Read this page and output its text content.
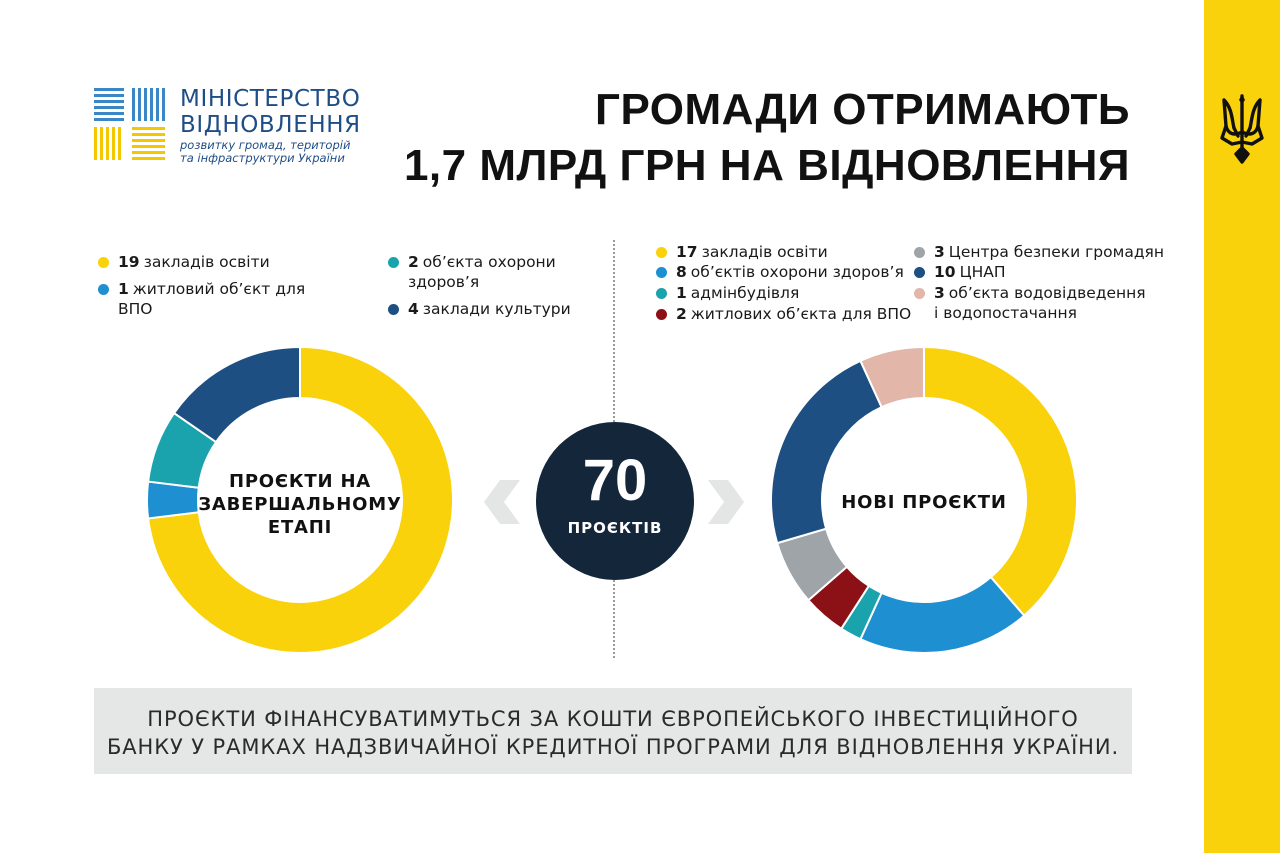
МІНІСТЕРСТВО
ВІДНОВЛЕННЯ
розвитку громад, територій
та інфраструктури України
ГРОМАДИ ОТРИМАЮТЬ
1,7 МЛРД ГРН НА ВІДНОВЛЕННЯ
19 закладів освіти
1 житловий об’єкт для
ВПО
2 об’єкта охорони
здоров’я
4 заклади культури
17 закладів освіти
8 об’єктів охорони здоров’я
1 адмінбудівля
2 житлових об’єкта для ВПО
3 Центра безпеки громадян
10 ЦНАП
3 об’єкта водовідведення
і водопостачання
ПРОЄКТИ НА
ЗАВЕРШАЛЬНОМУ
ЕТАПІ
НОВІ ПРОЄКТИ
70
ПРОЄКТІВ
ПРОЄКТИ ФІНАНСУВАТИМУТЬСЯ ЗА КОШТИ ЄВРОПЕЙСЬКОГО ІНВЕСТИЦІЙНОГО
БАНКУ У РАМКАХ НАДЗВИЧАЙНОЇ КРЕДИТНОЇ ПРОГРАМИ ДЛЯ ВІДНОВЛЕННЯ УКРАЇНИ.
